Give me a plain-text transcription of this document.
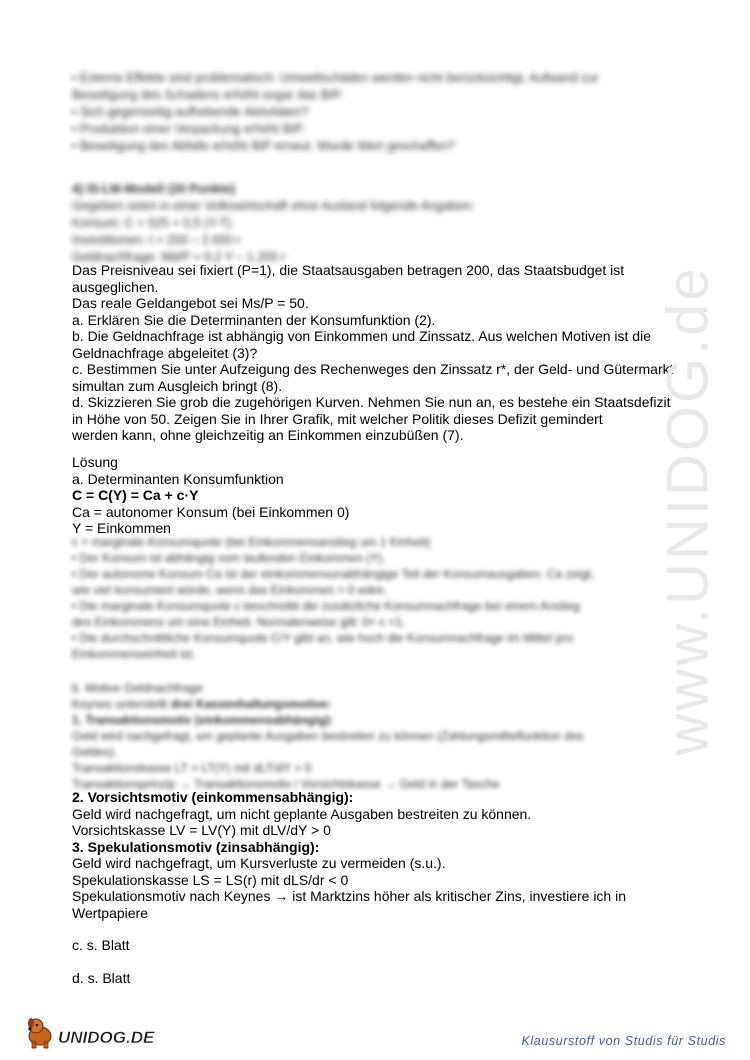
• Externe Effekte sind problematisch: Umweltschäden werden nicht berücksichtigt, Aufwand zur

Beseitigung des Schadens erhöht sogar das BIP.

• Sich gegenseitig aufhebende Aktivitäten?

• Produktion einer Verpackung erhöht BIP.

• Beseitigung des Abfalls erhöht BIP erneut. Wurde Wert geschaffen?

4) IS-LM-Modell (20 Punkte)

Gegeben seien in einer Volkswirtschaft ohne Ausland folgende Angaben:

Konsum: C = 525 + 0,5 (Y-T)

Investitionen: I = 200 – 2.000 r

Geldnachfrage: Md/P = 0,2 Y – 1.200 r

Das Preisniveau sei fixiert (P=1), die Staatsausgaben betragen 200, das Staatsbudget ist

ausgeglichen.

Das reale Geldangebot sei Ms/P = 50.

a. Erklären Sie die Determinanten der Konsumfunktion (2).

b. Die Geldnachfrage ist abhängig von Einkommen und Zinssatz. Aus welchen Motiven ist die

Geldnachfrage abgeleitet (3)?

c. Bestimmen Sie unter Aufzeigung des Rechenweges den Zinssatz r*, der Geld- und Gütermarkt

simultan zum Ausgleich bringt (8).

d. Skizzieren Sie grob die zugehörigen Kurven. Nehmen Sie nun an, es bestehe ein Staatsdefizit

in Höhe von 50. Zeigen Sie in Ihrer Grafik, mit welcher Politik dieses Defizit gemindert

werden kann, ohne gleichzeitig an Einkommen einzubüßen (7).

Lösung

a. Determinanten Konsumfunktion

C = C(Y) = Ca + c·Y

Ca = autonomer Konsum (bei Einkommen 0)

Y = Einkommen

c = marginale Konsumquote (bei Einkommensanstieg um 1 Einheit)

• Der Konsum ist abhängig vom laufenden Einkommen (Y).

• Der autonome Konsum Ca ist der einkommensunabhängige Teil der Konsumausgaben. Ca zeigt,

wie viel konsumiert würde, wenn das Einkommen = 0 wäre.

• Die marginale Konsumquote c beschreibt die zusätzliche Konsumnachfrage bei einem Anstieg

des Einkommens um eine Einheit. Normalerweise gilt: 0< c <1.

• Die durchschnittliche Konsumquote C/Y gibt an, wie hoch die Konsumnachfrage im Mittel pro

Einkommenseinheit ist.

b. Motive Geldnachfrage

Keynes unterstellt drei Kassenhaltungsmotive:

1. Transaktionsmotiv (einkommensabhängig):

Geld wird nachgefragt, um geplante Ausgaben bestreiten zu können (Zahlungsmittelfunktion des

Geldes).

Transaktionskasse LT = LT(Y) mit dLT/dY > 0

Transaktionsprinzip → Transaktionsmotiv / Vorsichtskasse → Geld in der Tasche

2. Vorsichtsmotiv (einkommensabhängig):

Geld wird nachgefragt, um nicht geplante Ausgaben bestreiten zu können.

Vorsichtskasse LV = LV(Y) mit dLV/dY > 0

3. Spekulationsmotiv (zinsabhängig):

Geld wird nachgefragt, um Kursverluste zu vermeiden (s.u.).

Spekulationskasse LS = LS(r) mit dLS/dr < 0

Spekulationsmotiv nach Keynes → ist Marktzins höher als kritischer Zins, investiere ich in

Wertpapiere

c. s. Blatt

d. s. Blatt

www.UNIDOG.de
UNIDOG.DE	Klausurstoff von Studis für Studis
